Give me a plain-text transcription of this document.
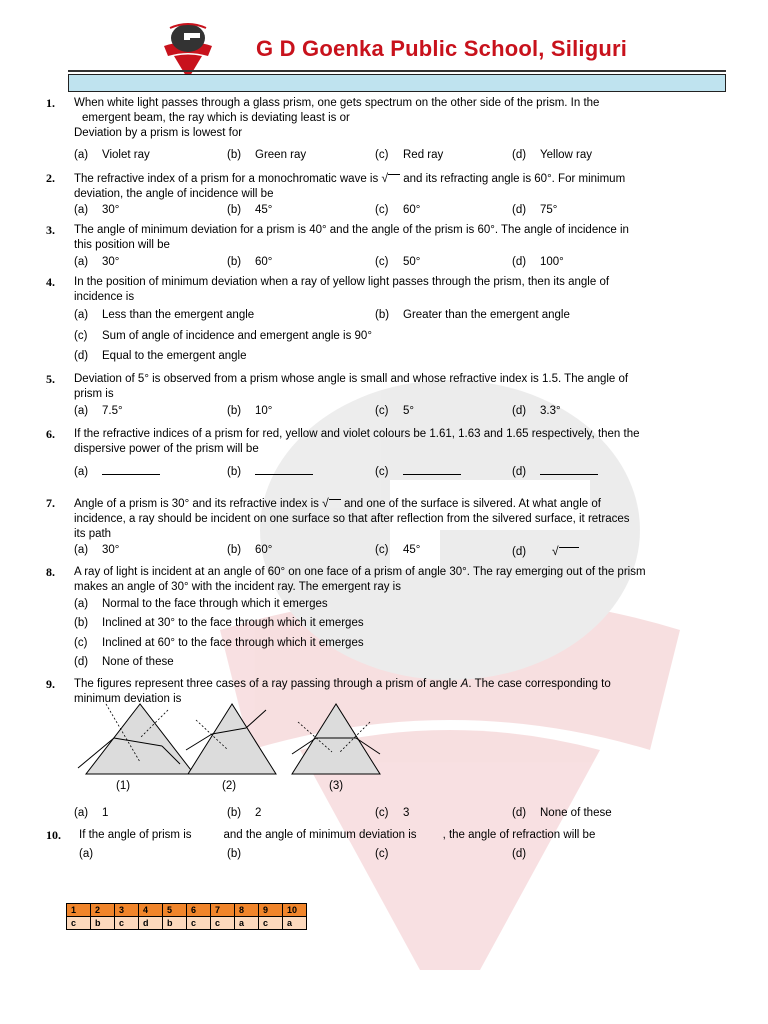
G D Goenka Public School, Siliguri
1. When white light passes through a glass prism, one gets spectrum on the other side of the prism. In the
emergent beam, the ray which is deviating least is or
Deviation by a prism is lowest for
(a) Violet ray	(b) Green ray	(c) Red ray	(d) Yellow ray
2. The refractive index of a prism for a monochromatic wave is √ and its refracting angle is 60°. For minimum
deviation, the angle of incidence will be
(a) 30°	(b) 45°	(c) 60°	(d) 75°
3. The angle of minimum deviation for a prism is 40° and the angle of the prism is 60°. The angle of incidence in
this position will be
(a) 30°	(b) 60°	(c) 50°	(d) 100°
4. In the position of minimum deviation when a ray of yellow light passes through the prism, then its angle of
incidence is
(a) Less than the emergent angle	(b) Greater than the emergent angle
(c) Sum of angle of incidence and emergent angle is 90°
(d) Equal to the emergent angle
5. Deviation of 5° is observed from a prism whose angle is small and whose refractive index is 1.5. The angle of
prism is
(a) 7.5°	(b) 10°	(c) 5°	(d) 3.3°
6. If the refractive indices of a prism for red, yellow and violet colours be 1.61, 1.63 and 1.65 respectively, then the
dispersive power of the prism will be
(a)	(b)	(c)	(d)
7. Angle of a prism is 30° and its refractive index is √ and one of the surface is silvered. At what angle of
incidence, a ray should be incident on one surface so that after reflection from the silvered surface, it retraces
its path
(a) 30°	(b) 60°	(c) 45°	(d) √
8. A ray of light is incident at an angle of 60° on one face of a prism of angle 30°. The ray emerging out of the prism
makes an angle of 30° with the incident ray. The emergent ray is
(a) Normal to the face through which it emerges
(b) Inclined at 30° to the face through which it emerges
(c) Inclined at 60° to the face through which it emerges
(d) None of these
9. The figures represent three cases of a ray passing through a prism of angle A. The case corresponding to
minimum deviation is
(1)	(2)	(3)
(a) 1	(b) 2	(c) 3	(d) None of these
10. If the angle of prism is	and the angle of minimum deviation is , the angle of refraction will be
(a)	(b)	(c)	(d)
1	2	3	4	5	6	7	8	9	10
c	b	c	d	b	c	c	a	c	a
